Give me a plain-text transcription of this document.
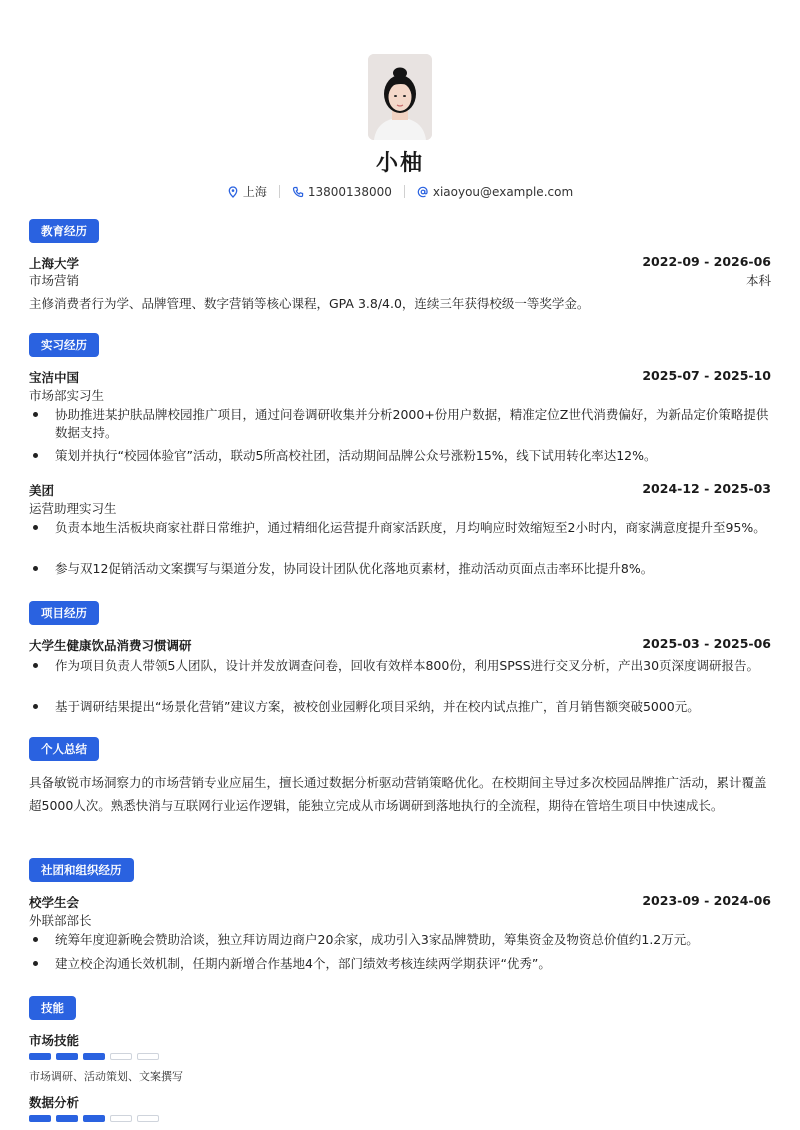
小柚
上海	13800138000	xiaoyou@example.com
教育经历
上海大学	2022-09 - 2026-06
市场营销	本科
主修消费者行为学、品牌管理、数字营销等核心课程，GPA 3.8/4.0，连续三年获得校级一等奖学金。
实习经历
宝洁中国	2025-07 - 2025-10
市场部实习生
协助推进某护肤品牌校园推广项目，通过问卷调研收集并分析2000+份用户数据，精准定位Z世代消费偏好，为新品定价策略提供数据支持。
策划并执行“校园体验官”活动，联动5所高校社团，活动期间品牌公众号涨粉15%，线下试用转化率达12%。
美团	2024-12 - 2025-03
运营助理实习生
负责本地生活板块商家社群日常维护，通过精细化运营提升商家活跃度，月均响应时效缩短至2小时内，商家满意度提升至95%。
参与双12促销活动文案撰写与渠道分发，协同设计团队优化落地页素材，推动活动页面点击率环比提升8%。
项目经历
大学生健康饮品消费习惯调研	2025-03 - 2025-06
作为项目负责人带领5人团队，设计并发放调查问卷，回收有效样本800份，利用SPSS进行交叉分析，产出30页深度调研报告。
基于调研结果提出“场景化营销”建议方案，被校创业园孵化项目采纳，并在校内试点推广，首月销售额突破5000元。
个人总结
具备敏锐市场洞察力的市场营销专业应届生，擅长通过数据分析驱动营销策略优化。在校期间主导过多次校园品牌推广活动，累计覆盖超5000人次。熟悉快消与互联网行业运作逻辑，能独立完成从市场调研到落地执行的全流程，期待在管培生项目中快速成长。
社团和组织经历
校学生会	2023-09 - 2024-06
外联部部长
统筹年度迎新晚会赞助洽谈，独立拜访周边商户20余家，成功引入3家品牌赞助，筹集资金及物资总价值约1.2万元。
建立校企沟通长效机制，任期内新增合作基地4个，部门绩效考核连续两学期获评“优秀”。
技能
市场技能
市场调研、活动策划、文案撰写
数据分析
